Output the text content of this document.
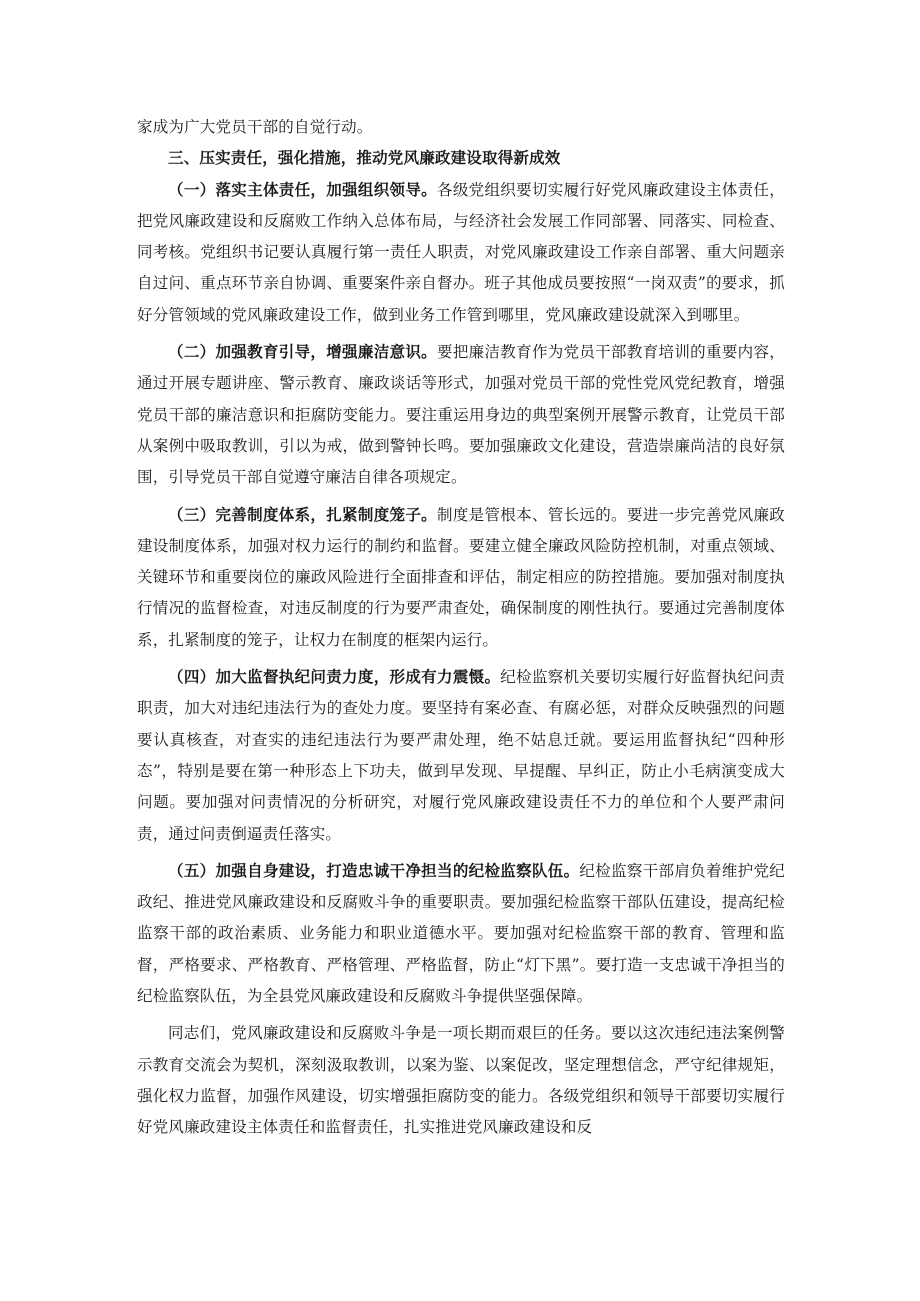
家成为广大党员干部的自觉行动。

三、压实责任，强化措施，推动党风廉政建设取得新成效

（一）落实主体责任，加强组织领导。各级党组织要切实履行好党风廉政建设主体责任，把党风廉政建设和反腐败工作纳入总体布局，与经济社会发展工作同部署、同落实、同检查、同考核。党组织书记要认真履行第一责任人职责，对党风廉政建设工作亲自部署、重大问题亲自过问、重点环节亲自协调、重要案件亲自督办。班子其他成员要按照“一岗双责”的要求，抓好分管领域的党风廉政建设工作，做到业务工作管到哪里，党风廉政建设就深入到哪里。

（二）加强教育引导，增强廉洁意识。要把廉洁教育作为党员干部教育培训的重要内容，通过开展专题讲座、警示教育、廉政谈话等形式，加强对党员干部的党性党风党纪教育，增强党员干部的廉洁意识和拒腐防变能力。要注重运用身边的典型案例开展警示教育，让党员干部从案例中吸取教训，引以为戒，做到警钟长鸣。要加强廉政文化建设，营造崇廉尚洁的良好氛围，引导党员干部自觉遵守廉洁自律各项规定。

（三）完善制度体系，扎紧制度笼子。制度是管根本、管长远的。要进一步完善党风廉政建设制度体系，加强对权力运行的制约和监督。要建立健全廉政风险防控机制，对重点领域、关键环节和重要岗位的廉政风险进行全面排查和评估，制定相应的防控措施。要加强对制度执行情况的监督检查，对违反制度的行为要严肃查处，确保制度的刚性执行。要通过完善制度体系，扎紧制度的笼子，让权力在制度的框架内运行。

（四）加大监督执纪问责力度，形成有力震慑。纪检监察机关要切实履行好监督执纪问责职责，加大对违纪违法行为的查处力度。要坚持有案必查、有腐必惩，对群众反映强烈的问题要认真核查，对查实的违纪违法行为要严肃处理，绝不姑息迁就。要运用监督执纪“四种形态”，特别是要在第一种形态上下功夫，做到早发现、早提醒、早纠正，防止小毛病演变成大问题。要加强对问责情况的分析研究，对履行党风廉政建设责任不力的单位和个人要严肃问责，通过问责倒逼责任落实。

（五）加强自身建设，打造忠诚干净担当的纪检监察队伍。纪检监察干部肩负着维护党纪政纪、推进党风廉政建设和反腐败斗争的重要职责。要加强纪检监察干部队伍建设，提高纪检监察干部的政治素质、业务能力和职业道德水平。要加强对纪检监察干部的教育、管理和监督，严格要求、严格教育、严格管理、严格监督，防止“灯下黑”。要打造一支忠诚干净担当的纪检监察队伍，为全县党风廉政建设和反腐败斗争提供坚强保障。

同志们，党风廉政建设和反腐败斗争是一项长期而艰巨的任务。要以这次违纪违法案例警示教育交流会为契机，深刻汲取教训，以案为鉴、以案促改，坚定理想信念，严守纪律规矩，强化权力监督，加强作风建设，切实增强拒腐防变的能力。各级党组织和领导干部要切实履行好党风廉政建设主体责任和监督责任，扎实推进党风廉政建设和反
